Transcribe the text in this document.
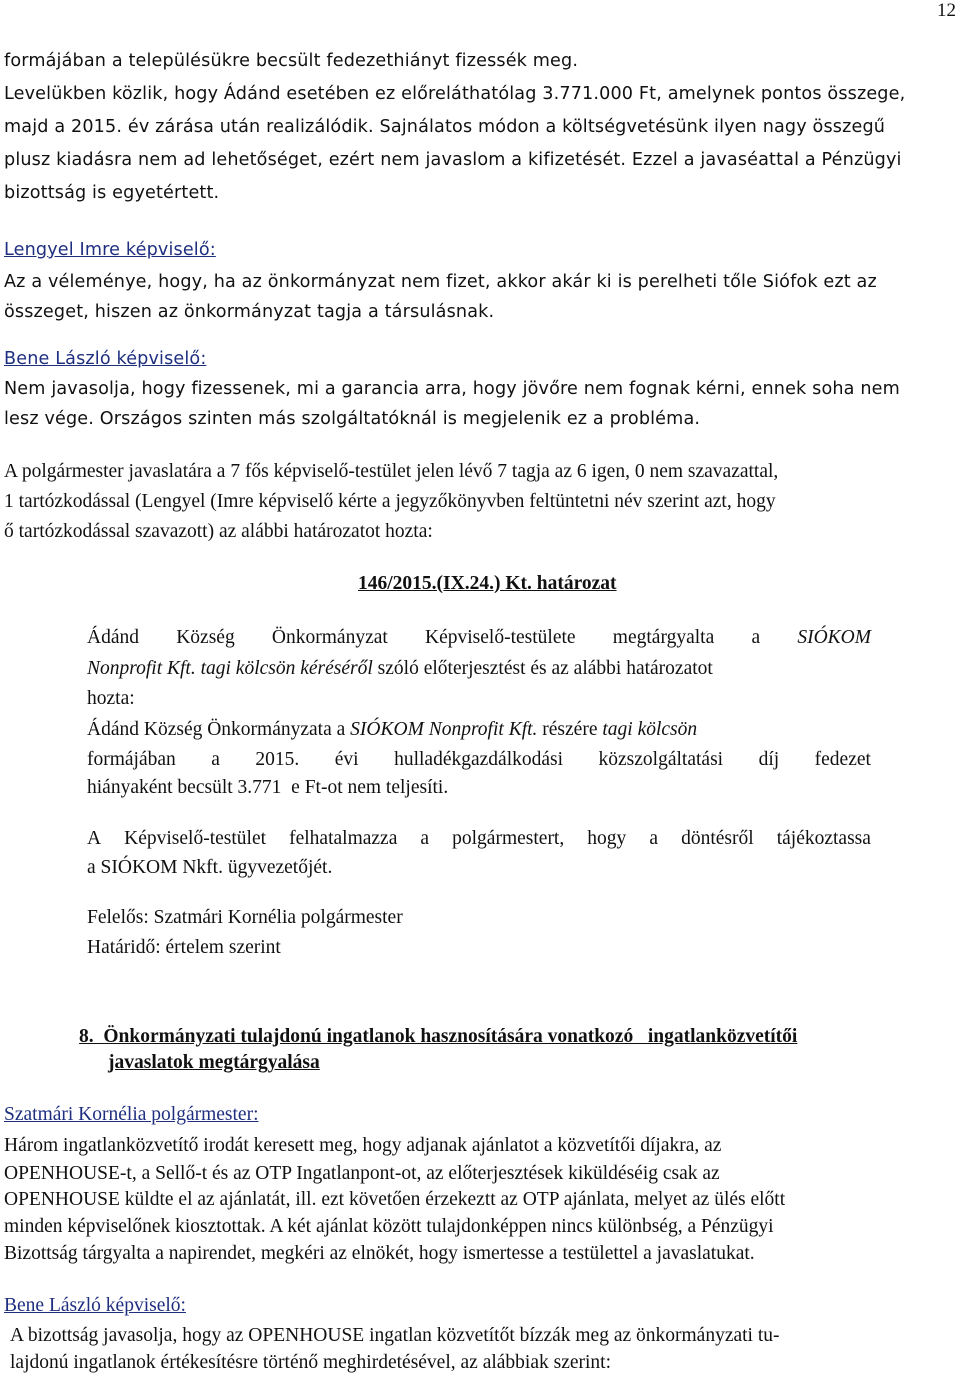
12
formájában a településükre becsült fedezethiányt fizessék meg.
Levelükben közlik, hogy Ádánd esetében ez előreláthatólag 3.771.000 Ft, amelynek pontos összege,
majd a 2015. év zárása után realizálódik. Sajnálatos módon a költségvetésünk ilyen nagy összegű
plusz kiadásra nem ad lehetőséget, ezért nem javaslom a kifizetését. Ezzel a javaséattal a Pénzügyi
bizottság is egyetértett.
Lengyel Imre képviselő:
Az a véleménye, hogy, ha az önkormányzat nem fizet, akkor akár ki is perelheti tőle Siófok ezt az
összeget, hiszen az önkormányzat tagja a társulásnak.
Bene László képviselő:
Nem javasolja, hogy fizessenek, mi a garancia arra, hogy jövőre nem fognak kérni, ennek soha nem
lesz vége. Országos szinten más szolgáltatóknál is megjelenik ez a probléma.
A polgármester javaslatára a 7 fős képviselő-testület jelen lévő 7 tagja az 6 igen, 0 nem szavazattal,
1 tartózkodással (Lengyel (Imre képviselő kérte a jegyzőkönyvben feltüntetni név szerint azt, hogy
ő tartózkodással szavazott) az alábbi határozatot hozta:
146/2015.(IX.24.) Kt. határozat
Ádánd Község Önkormányzat Képviselő-testülete megtárgyalta a SIÓKOM
Nonprofit Kft. tagi kölcsön kéréséről szóló előterjesztést és az alábbi határozatot
hozta:
Ádánd Község Önkormányzata a SIÓKOM Nonprofit Kft. részére tagi kölcsön
formájában a 2015. évi hulladékgazdálkodási közszolgáltatási díj fedezet
hiányaként becsült 3.771  e Ft-ot nem teljesíti.
A Képviselő-testület felhatalmazza a polgármestert, hogy a döntésről tájékoztassa
a SIÓKOM Nkft. ügyvezetőjét.
Felelős: Szatmári Kornélia polgármester
Határidő: értelem szerint
8.  Önkormányzati tulajdonú ingatlanok hasznosítására vonatkozó   ingatlanközvetítői
javaslatok megtárgyalása
Szatmári Kornélia polgármester:
Három ingatlanközvetítő irodát keresett meg, hogy adjanak ajánlatot a közvetítői díjakra, az
OPENHOUSE-t, a Sellő-t és az OTP Ingatlanpont-ot, az előterjesztések kiküldéséig csak az
OPENHOUSE küldte el az ajánlatát, ill. ezt követően érzekeztt az OTP ajánlata, melyet az ülés előtt
minden képviselőnek kiosztottak. A két ajánlat között tulajdonképpen nincs különbség, a Pénzügyi
Bizottság tárgyalta a napirendet, megkéri az elnökét, hogy ismertesse a testülettel a javaslatukat.
Bene László képviselő:
A bizottság javasolja, hogy az OPENHOUSE ingatlan közvetítőt bízzák meg az önkormányzati tu-
lajdonú ingatlanok értékesítésre történő meghirdetésével, az alábbiak szerint:
